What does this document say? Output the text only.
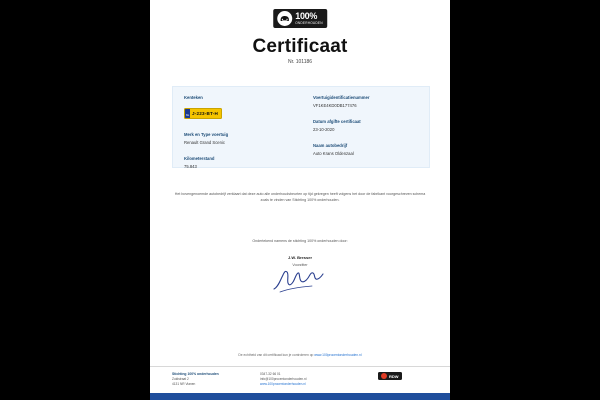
100%
ONDERHOUDEN
Certificaat
Nr. 101186
Kenteken
NL J-223-BT-H
Merk en Type voertuig
Renault Grand Scenic
Kilometerstand
75.843
Voertuigidentificatienummer
VF1KE4KD0DB177476
Datum afgifte certificaat
23-10-2020
Naam autobedrijf
Auto Krans Oldenzaal
Het bovengenoemde autobedrijf verklaart dat deze auto alle onderhoudsbeurten op tijd gekregen heeft volgens het door de fabrikant voorgeschreven schema zoals te vinden van Stichting 100% onderhouden.
Ondertekend namens de stichting 100% onderhouden door:
J.W. Bresser
Voorzitter
De echtheid van dit certificaat kun je controleren op www.100procentonderhouden.nl
Stichting 100% onderhouden
Zuidstraat 2
4131 NR Vianen
0347-32 66 01
info@100procentonderhouden.nl
www.100procentonderhouden.nl
RDW
